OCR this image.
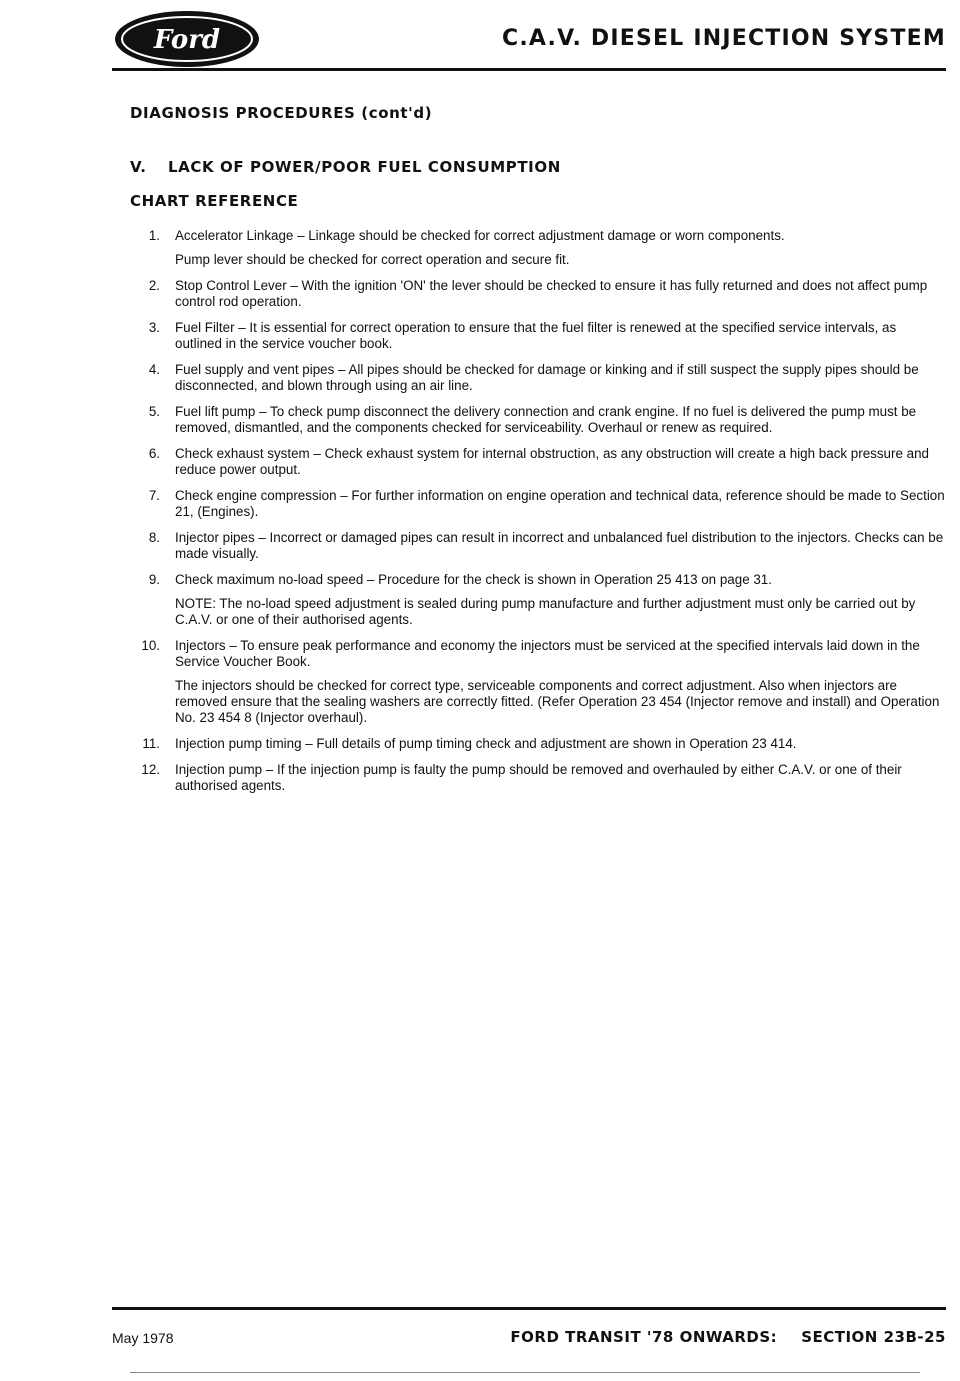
Ford	C.A.V. DIESEL INJECTION SYSTEM
DIAGNOSIS PROCEDURES (cont'd)
V. LACK OF POWER/POOR FUEL CONSUMPTION
CHART REFERENCE
1. Accelerator Linkage – Linkage should be checked for correct adjustment damage or worn components.

Pump lever should be checked for correct operation and secure fit.

2. Stop Control Lever – With the ignition 'ON' the lever should be checked to ensure it has fully returned and does not affect pump control rod operation.

3. Fuel Filter – It is essential for correct operation to ensure that the fuel filter is renewed at the specified service intervals, as outlined in the service voucher book.

4. Fuel supply and vent pipes – All pipes should be checked for damage or kinking and if still suspect the supply pipes should be disconnected, and blown through using an air line.

5. Fuel lift pump – To check pump disconnect the delivery connection and crank engine. If no fuel is delivered the pump must be removed, dismantled, and the components checked for serviceability. Overhaul or renew as required.

6. Check exhaust system – Check exhaust system for internal obstruction, as any obstruction will create a high back pressure and reduce power output.

7. Check engine compression – For further information on engine operation and technical data, reference should be made to Section 21, (Engines).

8. Injector pipes – Incorrect or damaged pipes can result in incorrect and unbalanced fuel distribution to the injectors. Checks can be made visually.

9. Check maximum no-load speed – Procedure for the check is shown in Operation 25 413 on page 31.

NOTE: The no-load speed adjustment is sealed during pump manufacture and further adjustment must only be carried out by C.A.V. or one of their authorised agents.

10. Injectors – To ensure peak performance and economy the injectors must be serviced at the specified intervals laid down in the Service Voucher Book.

The injectors should be checked for correct type, serviceable components and correct adjustment. Also when injectors are removed ensure that the sealing washers are correctly fitted. (Refer Operation 23 454 (Injector remove and install) and Operation No. 23 454 8 (Injector overhaul).

11. Injection pump timing – Full details of pump timing check and adjustment are shown in Operation 23 414.

12. Injection pump – If the injection pump is faulty the pump should be removed and overhauled by either C.A.V. or one of their authorised agents.

May 1978	FORD TRANSIT '78 ONWARDS: SECTION 23B-25
